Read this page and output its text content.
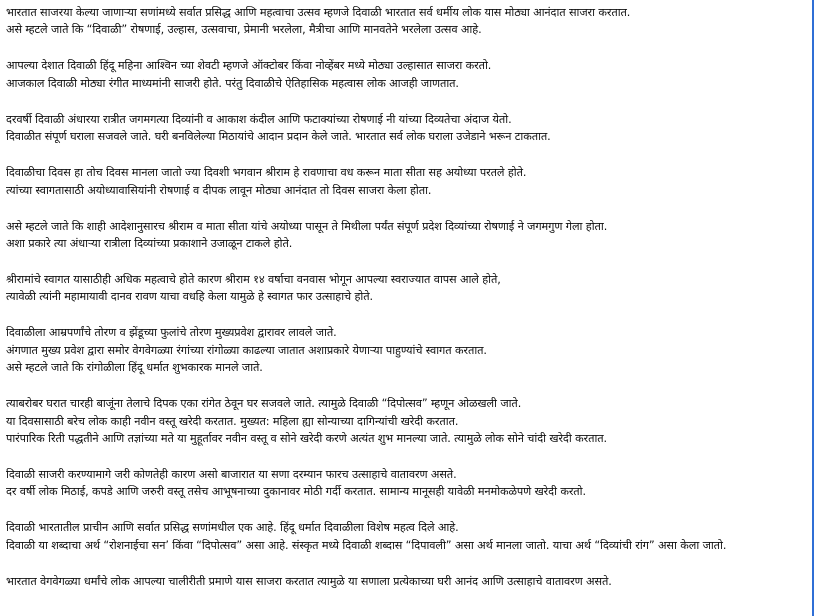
भारतात साजरया केल्या जाणाऱ्या सणांमध्ये सर्वात प्रसिद्ध आणि महत्वाचा उत्सव म्हणजे दिवाळी भारतात सर्व धर्मीय लोक यास मोठ्या आनंदात साजरा करतात.
असे म्हटले जाते कि “दिवाळी” रोषणाई, उल्हास, उत्सवाचा, प्रेमानी भरलेला, मैत्रीचा आणि मानवतेने भरलेला उत्सव आहे.
आपल्या देशात दिवाळी हिंदू महिना आश्विन च्या शेवटी म्हणजे ऑक्टोबर किंवा नोव्हेंबर मध्ये मोठ्या उल्हासात साजरा करतो.
आजकाल दिवाळी मोठ्या रंगीत माध्यमांनी साजरी होते. परंतु दिवाळीचे ऐतिहासिक महत्वास लोक आजही जाणतात.
दरवर्षी दिवाळी अंधारया रात्रीत जगमगत्या दिव्यांनी व आकाश कंदील आणि फटाक्यांच्या रोषणाई नी यांच्या दिव्यतेचा अंदाज येतो.
दिवाळीत संपूर्ण घराला सजवले जाते. घरी बनविलेल्या मिठायांचे आदान प्रदान केले जाते. भारतात सर्व लोक घराला उजेडाने भरून टाकतात.
दिवाळीचा दिवस हा तोच दिवस मानला जातो ज्या दिवशी भगवान श्रीराम हे रावणाचा वध करून माता सीता सह अयोध्या परतले होते.
त्यांच्या स्वागतासाठी अयोध्यावासियांनी रोषणाई व दीपक लावून मोठ्या आनंदात तो दिवस साजरा केला होता.
असे म्हटले जाते कि शाही आदेशानुसारच श्रीराम व माता सीता यांचे अयोध्या पासून ते मिथीला पर्यंत संपूर्ण प्रदेश दिव्यांच्या रोषणाई ने जगमगुण गेला होता.
अशा प्रकारे त्या अंधाऱ्या रात्रीला दिव्यांच्या प्रकाशाने उजाळून टाकले होते.
श्रीरामांचे स्वागत यासाठीही अधिक महत्वाचे होते कारण श्रीराम १४ वर्षाचा वनवास भोगून आपल्या स्वराज्यात वापस आले होते,
त्यावेळी त्यांनी महामायावी दानव रावण याचा वधहि केला यामुळे हे स्वागत फार उत्साहाचे होते.
दिवाळीला आम्रपर्णांचे तोरण व झेंडूच्या फुलांचे तोरण मुख्यप्रवेश द्वारावर लावले जाते.
अंगणात मुख्य प्रवेश द्वारा समोर वेगवेगळ्या रंगांच्या रांगोळ्या काढल्या जातात अशाप्रकारे येणाऱ्या पाहुण्यांचे स्वागत करतात.
असे म्हटले जाते कि रांगोळीला हिंदू धर्मात शुभकारक मानले जाते.
त्याबरोबर घरात चारही बाजूंना तेलाचे दिपक एका रांगेत ठेवून घर सजवले जाते. त्यामुळे दिवाळी “दिपोत्सव” म्हणून ओळखली जाते.
या दिवसासाठी बरेच लोक काही नवीन वस्तू खरेदी करतात. मुख्यत: महिला ह्या सोन्याच्या दागिन्यांची खरेदी करतात.
पारंपारिक रिती पद्धतीने आणि तज्ञांच्या मते या मुहूर्तावर नवीन वस्तू व सोने खरेदी करणे अत्यंत शुभ मानल्या जाते. त्यामुळे लोक सोने चांदी खरेदी करतात.
दिवाळी साजरी करण्यामागे जरी कोणतेही कारण असो बाजारात या सणा दरम्यान फारच उत्साहाचे वातावरण असते.
दर वर्षी लोक मिठाई, कपडे आणि जरुरी वस्तू तसेच आभूषनाच्या दुकानावर मोठी गर्दी करतात. सामान्य मानूसही यावेळी मनमोकळेपणे खरेदी करतो.
दिवाळी भारतातील प्राचीन आणि सर्वात प्रसिद्ध सणांमधील एक आहे. हिंदू धर्मात दिवाळीला विशेष महत्व दिले आहे.
दिवाळी या शब्दाचा अर्थ “रोशनाईचा सन’ किंवा “दिपोत्सव” असा आहे. संस्कृत मध्ये दिवाळी शब्दास “दिपावली” असा अर्थ मानला जातो. याचा अर्थ “दिव्यांची रांग” असा केला जातो.
भारतात वेगवेगळ्या धर्मांचे लोक आपल्या चालीरीती प्रमाणे यास साजरा करतात त्यामुळे या सणाला प्रत्येकाच्या घरी आनंद आणि उत्साहाचे वातावरण असते.
